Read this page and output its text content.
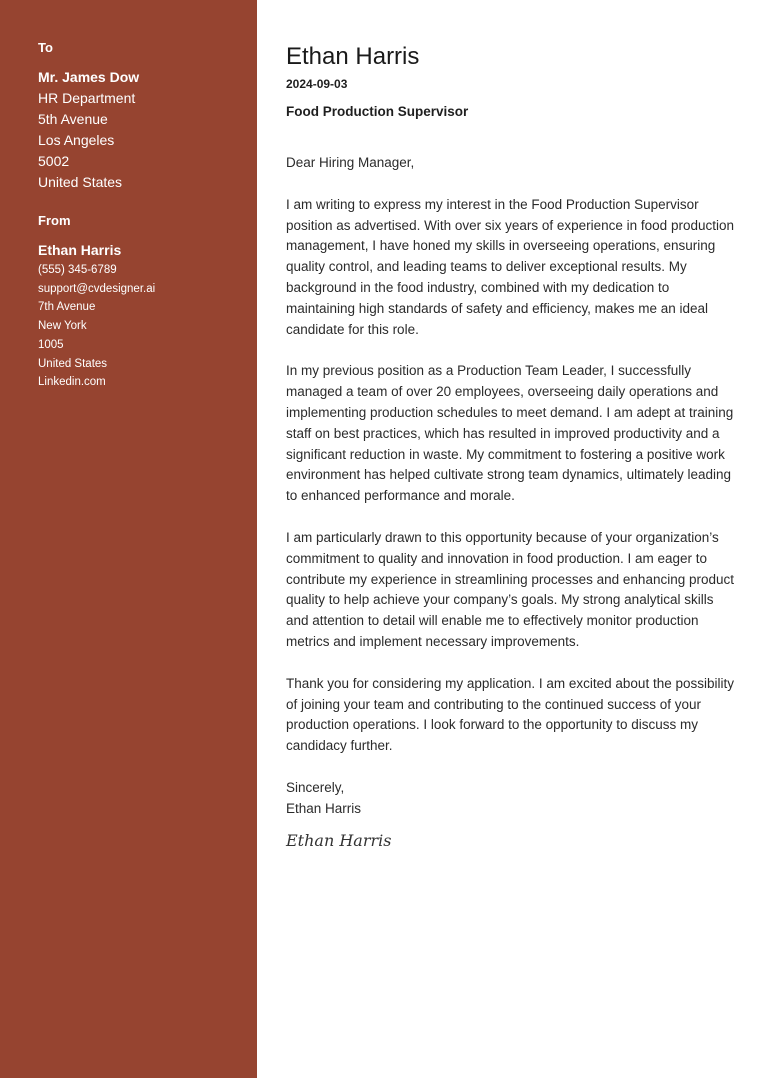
To
Mr. James Dow
HR Department
5th Avenue
Los Angeles
5002
United States
From
Ethan Harris
(555) 345-6789
support@cvdesigner.ai
7th Avenue
New York
1005
United States
Linkedin.com
Ethan Harris
2024-09-03
Food Production Supervisor

Dear Hiring Manager,

I am writing to express my interest in the Food Production Supervisor position as advertised. With over six years of experience in food production management, I have honed my skills in overseeing operations, ensuring quality control, and leading teams to deliver exceptional results. My background in the food industry, combined with my dedication to maintaining high standards of safety and efficiency, makes me an ideal candidate for this role.

In my previous position as a Production Team Leader, I successfully managed a team of over 20 employees, overseeing daily operations and implementing production schedules to meet demand. I am adept at training staff on best practices, which has resulted in improved productivity and a significant reduction in waste. My commitment to fostering a positive work environment has helped cultivate strong team dynamics, ultimately leading to enhanced performance and morale.

I am particularly drawn to this opportunity because of your organization’s commitment to quality and innovation in food production. I am eager to contribute my experience in streamlining processes and enhancing product quality to help achieve your company’s goals. My strong analytical skills and attention to detail will enable me to effectively monitor production metrics and implement necessary improvements.

Thank you for considering my application. I am excited about the possibility of joining your team and contributing to the continued success of your production operations. I look forward to the opportunity to discuss my candidacy further.

Sincerely,
Ethan Harris
Ethan Harris
